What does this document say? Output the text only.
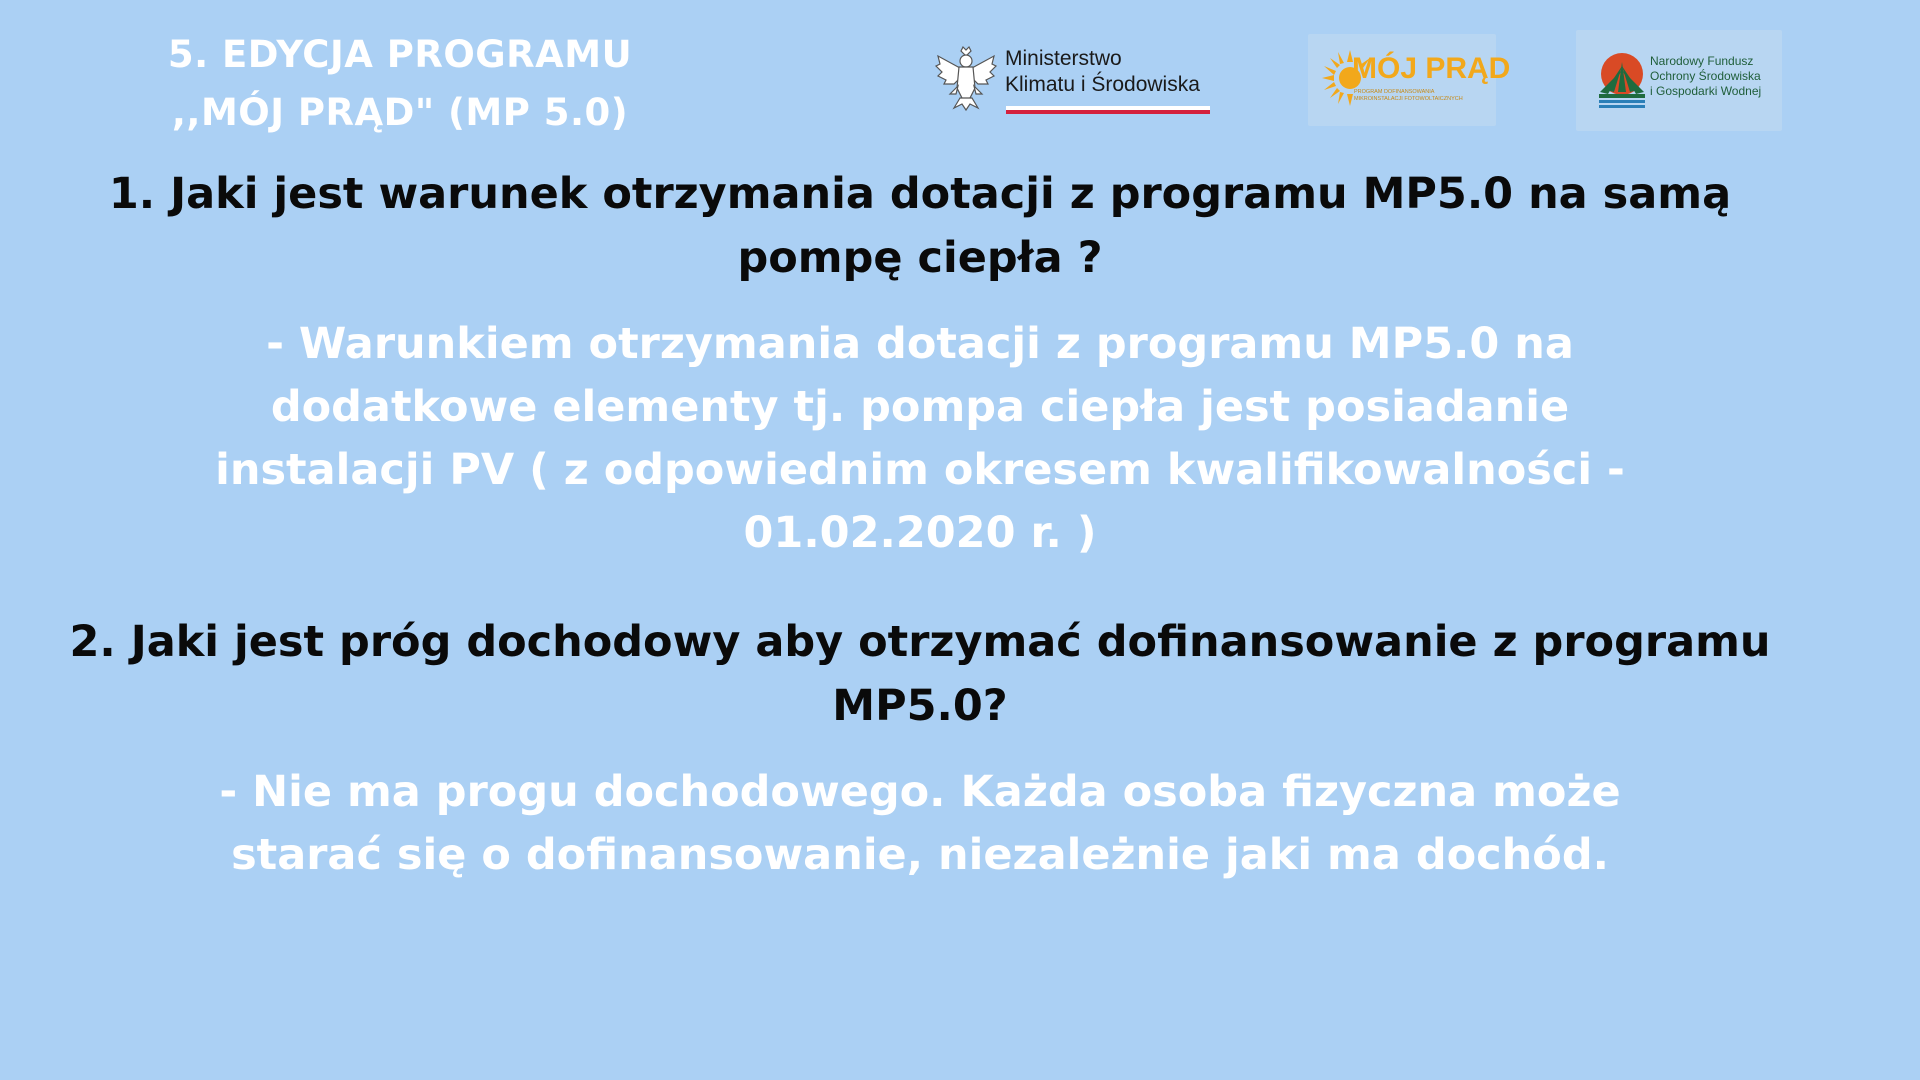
5. EDYCJA PROGRAMU
,,MÓJ PRĄD" (MP 5.0)
Ministerstwo
Klimatu i Środowiska	MÓJ PRĄD
PROGRAM DOFINANSOWANIA MIKROINSTALACJI FOTOWOLTAICZNYCH
Narodowy Fundusz
Ochrony Środowiska
i Gospodarki Wodnej
1. Jaki jest warunek otrzymania dotacji z programu MP5.0 na samą
pompę ciepła ?
- Warunkiem otrzymania dotacji z programu MP5.0 na
dodatkowe elementy tj. pompa ciepła jest posiadanie
instalacji PV ( z odpowiednim okresem kwalifikowalności -
01.02.2020 r. )
2. Jaki jest próg dochodowy aby otrzymać dofinansowanie z programu
MP5.0?
- Nie ma progu dochodowego. Każda osoba fizyczna może
starać się o dofinansowanie, niezależnie jaki ma dochód.
